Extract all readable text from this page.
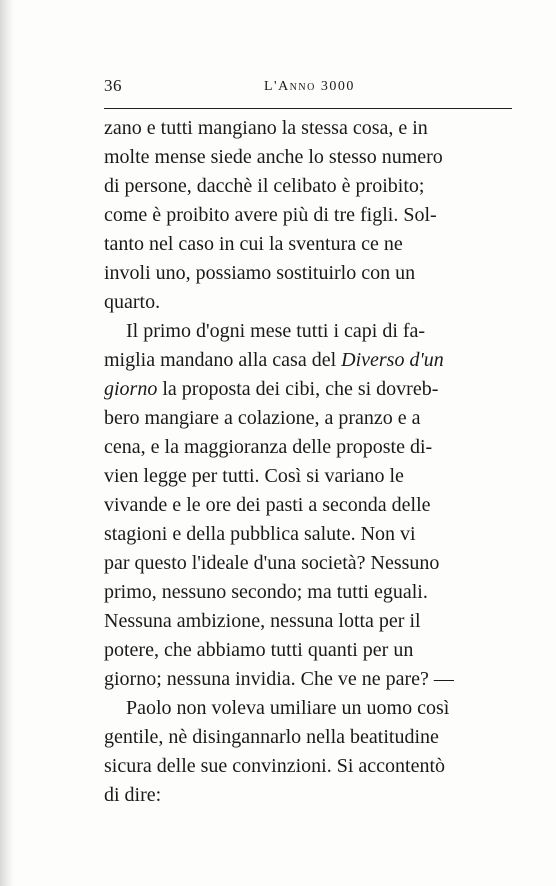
36	L'Anno 3000
zano e tutti mangiano la stessa cosa, e in
molte mense siede anche lo stesso numero
di persone, dacchè il celibato è proibito;
come è proibito avere più di tre figli. Sol-
tanto nel caso in cui la sventura ce ne
involi uno, possiamo sostituirlo con un
quarto.
Il primo d'ogni mese tutti i capi di fa-
miglia mandano alla casa del Diverso d'un
giorno la proposta dei cibi, che si dovreb-
bero mangiare a colazione, a pranzo e a
cena, e la maggioranza delle proposte di-
vien legge per tutti. Così si variano le
vivande e le ore dei pasti a seconda delle
stagioni e della pubblica salute. Non vi
par questo l'ideale d'una società? Nessuno
primo, nessuno secondo; ma tutti eguali.
Nessuna ambizione, nessuna lotta per il
potere, che abbiamo tutti quanti per un
giorno; nessuna invidia. Che ve ne pare? —
Paolo non voleva umiliare un uomo così
gentile, nè disingannarlo nella beatitudine
sicura delle sue convinzioni. Si accontentò
di dire:
